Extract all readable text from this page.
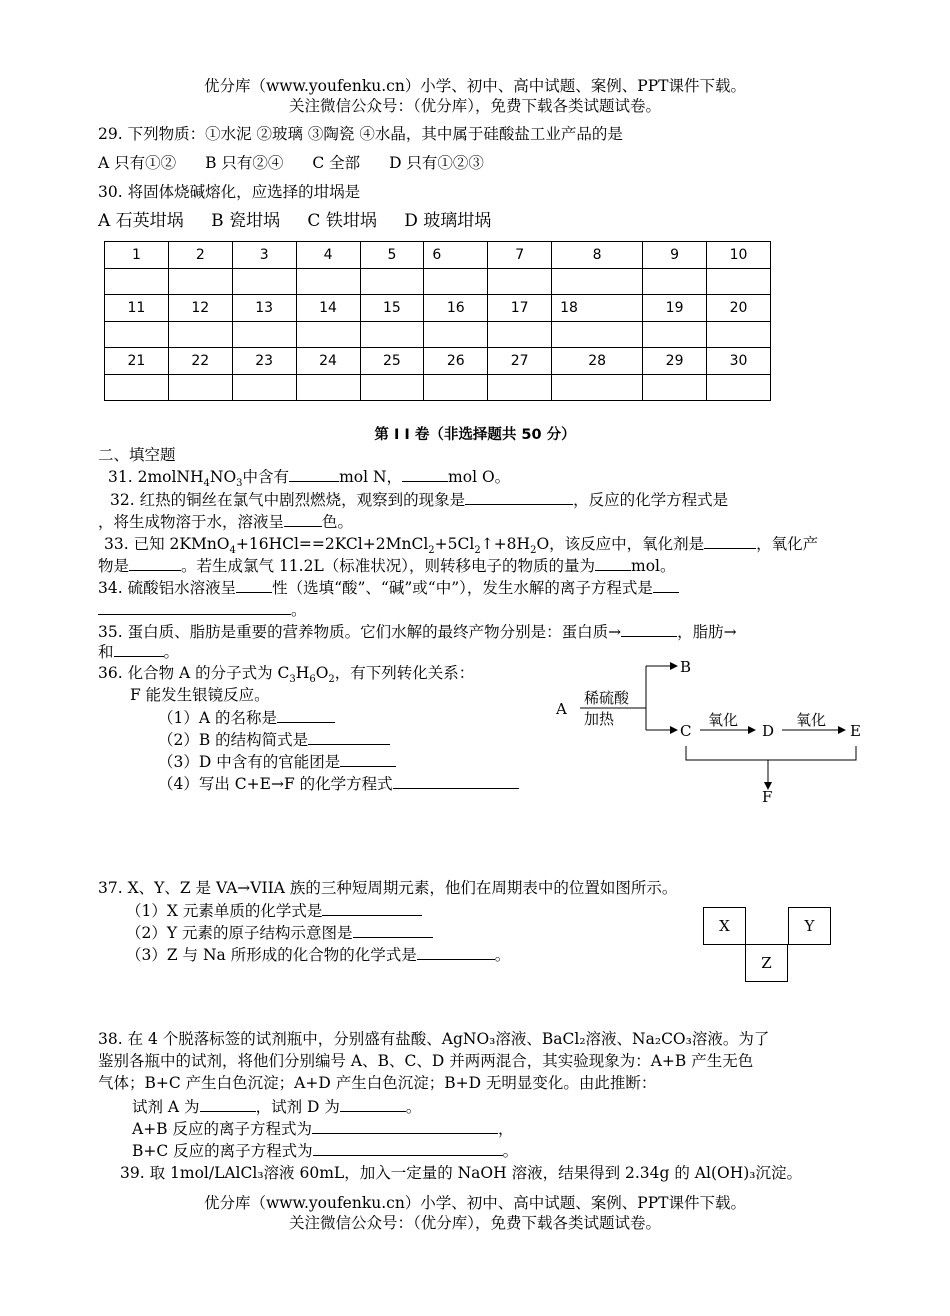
优分库（www.youfenku.cn）小学、初中、高中试题、案例、PPT课件下载。
关注微信公众号：（优分库），免费下载各类试题试卷。
29. 下列物质：①水泥 ②玻璃 ③陶瓷 ④水晶，其中属于硅酸盐工业产品的是
A 只有①② B 只有②④ C 全部 D 只有①②③
30. 将固体烧碱熔化，应选择的坩埚是
A 石英坩埚 B 瓷坩埚 C 铁坩埚 D 玻璃坩埚
1	2	3	4	5	6	7	8	9	10

11	12	13	14	15	16	17	18	19	20

21	22	23	24	25	26	27	28	29	30

第 I I 卷（非选择题共 50 分）
二、填空题
31. $2molNH_4NO_3$中含有	mol N，	mol O。
32. 红热的铜丝在氯气中剧烈燃烧，观察到的现象是	，反应的化学方程式是
，将生成物溶于水，溶液呈 色。
33. 已知 $2KMnO_4+16HCl==2KCl+2MnCl_2+5Cl_2↑+8H_2O$，该反应中，氧化剂是	，氧化产
物是	。若生成氯气 11.2L（标准状况），则转移电子的物质的量为 mol。
34. 硫酸铝水溶液呈 性（选填“酸”、“碱”或“中”），发生水解的离子方程式是
。
35. 蛋白质、脂肪是重要的营养物质。它们水解的最终产物分别是：蛋白质→	，脂肪→
和	。
36. 化合物 A 的分子式为 $C_3H_6O_2$，有下列转化关系：
F 能发生银镜反应。
（1）A 的名称是
（2）B 的结构简式是
（3）D 中含有的官能团是
（4）写出 C+E→F 的化学方程式
A
B
C	D	E
F
稀硫酸
加热	氧化	氧化
37. X、Y、Z 是 VA→VIIA 族的三种短周期元素，他们在周期表中的位置如图所示。
（1）X 元素单质的化学式是
（2）Y 元素的原子结构示意图是
（3）Z 与 Na 所形成的化合物的化学式是	。
X	Y
Z
38. 在 4 个脱落标签的试剂瓶中，分别盛有盐酸、AgNO₃溶液、BaCl₂溶液、Na₂CO₃溶液。为了
鉴别各瓶中的试剂，将他们分别编号 A、B、C、D 并两两混合，其实验现象为：A+B 产生无色
气体；B+C 产生白色沉淀；A+D 产生白色沉淀；B+D 无明显变化。由此推断：
试剂 A 为	，试剂 D 为	。
A+B 反应的离子方程式为	，
B+C 反应的离子方程式为	。
39. 取 1mol/LAlCl₃溶液 60mL，加入一定量的 NaOH 溶液，结果得到 2.34g 的 Al(OH)₃沉淀。
优分库（www.youfenku.cn）小学、初中、高中试题、案例、PPT课件下载。
关注微信公众号：（优分库），免费下载各类试题试卷。
